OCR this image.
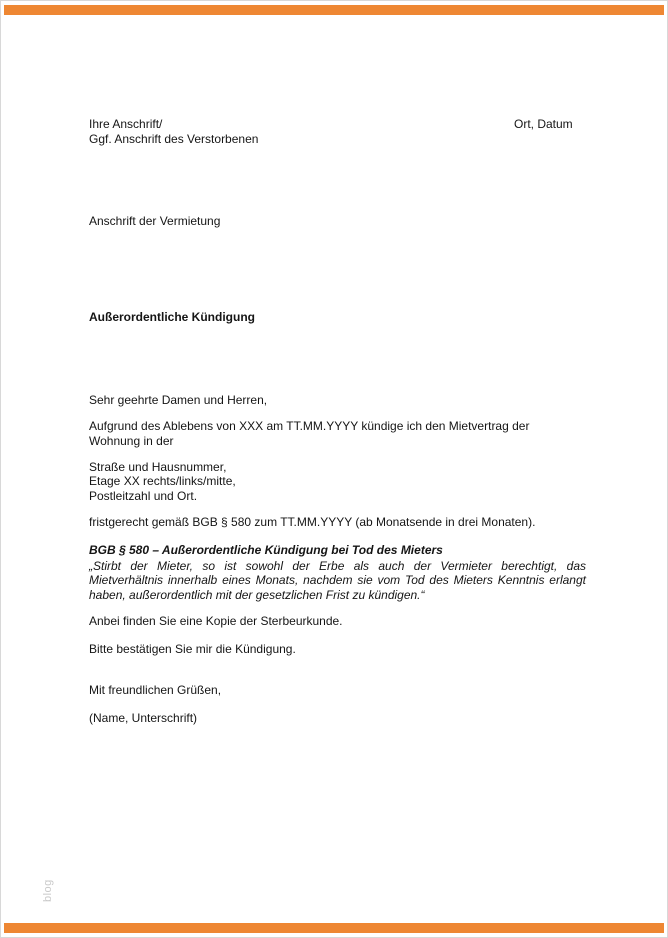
Ihre Anschrift/
Ggf. Anschrift des Verstorbenen
Ort, Datum
Anschrift der Vermietung
Außerordentliche Kündigung
Sehr geehrte Damen und Herren,
Aufgrund des Ablebens von XXX am TT.MM.YYYY kündige ich den Mietvertrag der
Wohnung in der
Straße und Hausnummer,
Etage XX rechts/links/mitte,
Postleitzahl und Ort.
fristgerecht gemäß BGB § 580 zum TT.MM.YYYY (ab Monatsende in drei Monaten).
BGB § 580 – Außerordentliche Kündigung bei Tod des Mieters
„Stirbt der Mieter, so ist sowohl der Erbe als auch der Vermieter berechtigt, das
Mietverhältnis innerhalb eines Monats, nachdem sie vom Tod des Mieters Kenntnis erlangt
haben, außerordentlich mit der gesetzlichen Frist zu kündigen.“
Anbei finden Sie eine Kopie der Sterbeurkunde.
Bitte bestätigen Sie mir die Kündigung.
Mit freundlichen Grüßen,
(Name, Unterschrift)
blog
